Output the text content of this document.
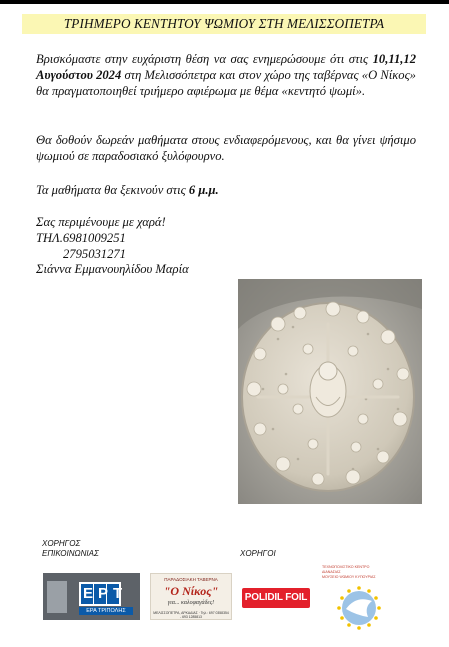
ΤΡΙΗΜΕΡΟ ΚΕΝΤΗΤΟΥ ΨΩΜΙΟΥ ΣΤΗ ΜΕΛΙΣΣΟΠΕΤΡΑ

Βρισκόμαστε στην ευχάριστη θέση να σας ενημερώσουμε ότι στις 10,11,12 Αυγούστου 2024 στη Μελισσόπετρα και στον χώρο της ταβέρνας «Ο Νίκος» θα πραγματοποιηθεί τριήμερο αφιέρωμα με θέμα «κεντητό ψωμί».

Θα δοθούν δωρεάν μαθήματα στους ενδιαφερόμενους, και θα γίνει ψήσιμο ψωμιού σε παραδοσιακό ξυλόφουρνο.

Τα μαθήματα θα ξεκινούν στις 6 μ.μ.

Σας περιμένουμε με χαρά!
ΤΗΛ.6981009251
2795031271
Σιάννα Εμμανουηλίδου Μαρία
ΧΟΡΗΓΟΣ
ΕΠΙΚΟΙΝΩΝΙΑΣ	ΧΟΡΗΓΟΙ
ΕΡΤ
ΕΡΑ ΤΡΙΠΟΛΗΣ
ΠΑΡΑΔΟΣΙΑΚΗ ΤΑΒΕΡΝΑ
"Ο Νίκος"
για... καλοφαγάδες!
ΜΕΛΙΣΣΟΠΕΤΡΑ, ΑΡΚΑΔΙΑΣ · Τηλ.: 697 0358354 - 693 1285813
POLIDIL FOIL
ΤΕΧΝΟΠΟΛΙΣΤΙΚΟ ΚΕΝΤΡΟ
ΔΙΑΝΑΣΙΑΣ
ΜΟΥΣΕΙΟ ΨΩΜΙΟΥ ΚΥΠΟΥΡΙΑΣ
